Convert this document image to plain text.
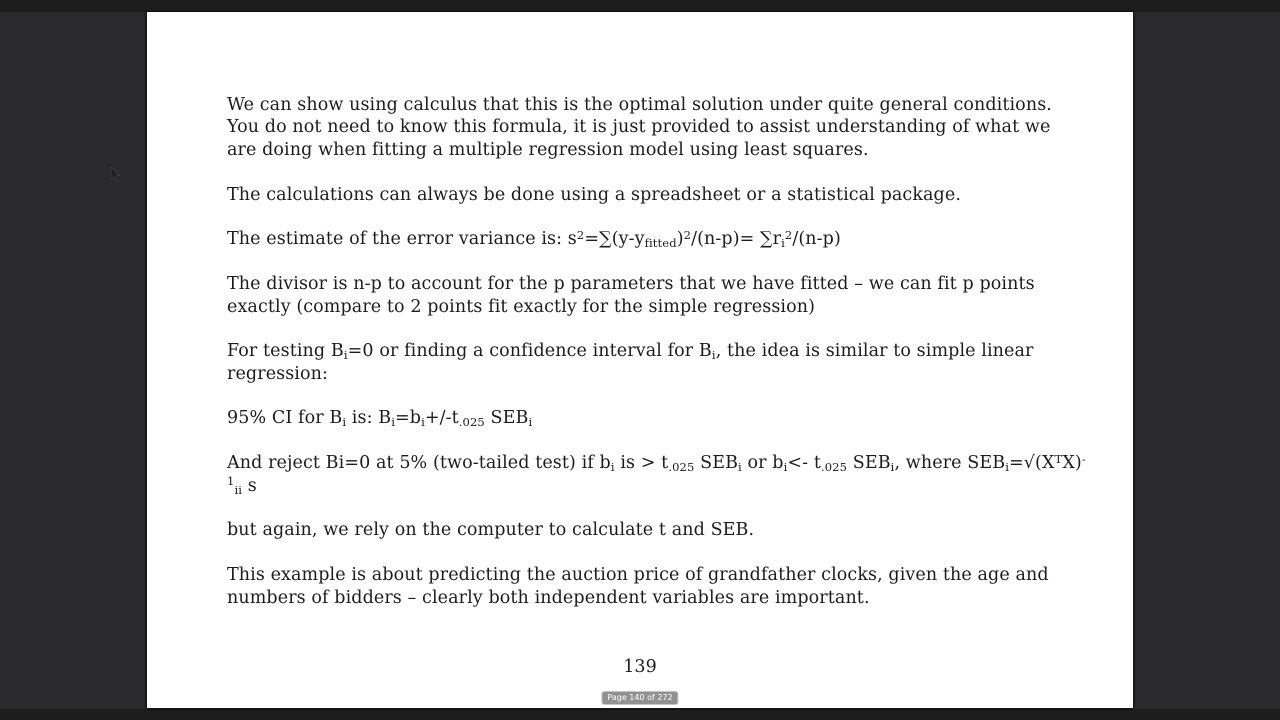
We can show using calculus that this is the optimal solution under quite general conditions.
You do not need to know this formula, it is just provided to assist understanding of what we
are doing when fitting a multiple regression model using least squares.
The calculations can always be done using a spreadsheet or a statistical package.
The estimate of the error variance is: $s^2=\sum(y-yfitted)^2/(n-p)= \sum ri^2/(n-p)$
The divisor is n-p to account for the p parameters that we have fitted – we can fit p points
exactly (compare to 2 points fit exactly for the simple regression)
For testing Bi=0 or finding a confidence interval for Bi, the idea is similar to simple linear
regression:
95% CI for Bi is: Bi=bi+/-t.025 SEBi
And reject Bi=0 at 5% (two-tailed test) if bi is > t.025 SEBi or bi<- t.025 SEBi, where $SEBi=√(X^TX)^-$
$^1$ii s
but again, we rely on the computer to calculate t and SEB.
This example is about predicting the auction price of grandfather clocks, given the age and
numbers of bidders – clearly both independent variables are important.
139
Page 140 of 272
